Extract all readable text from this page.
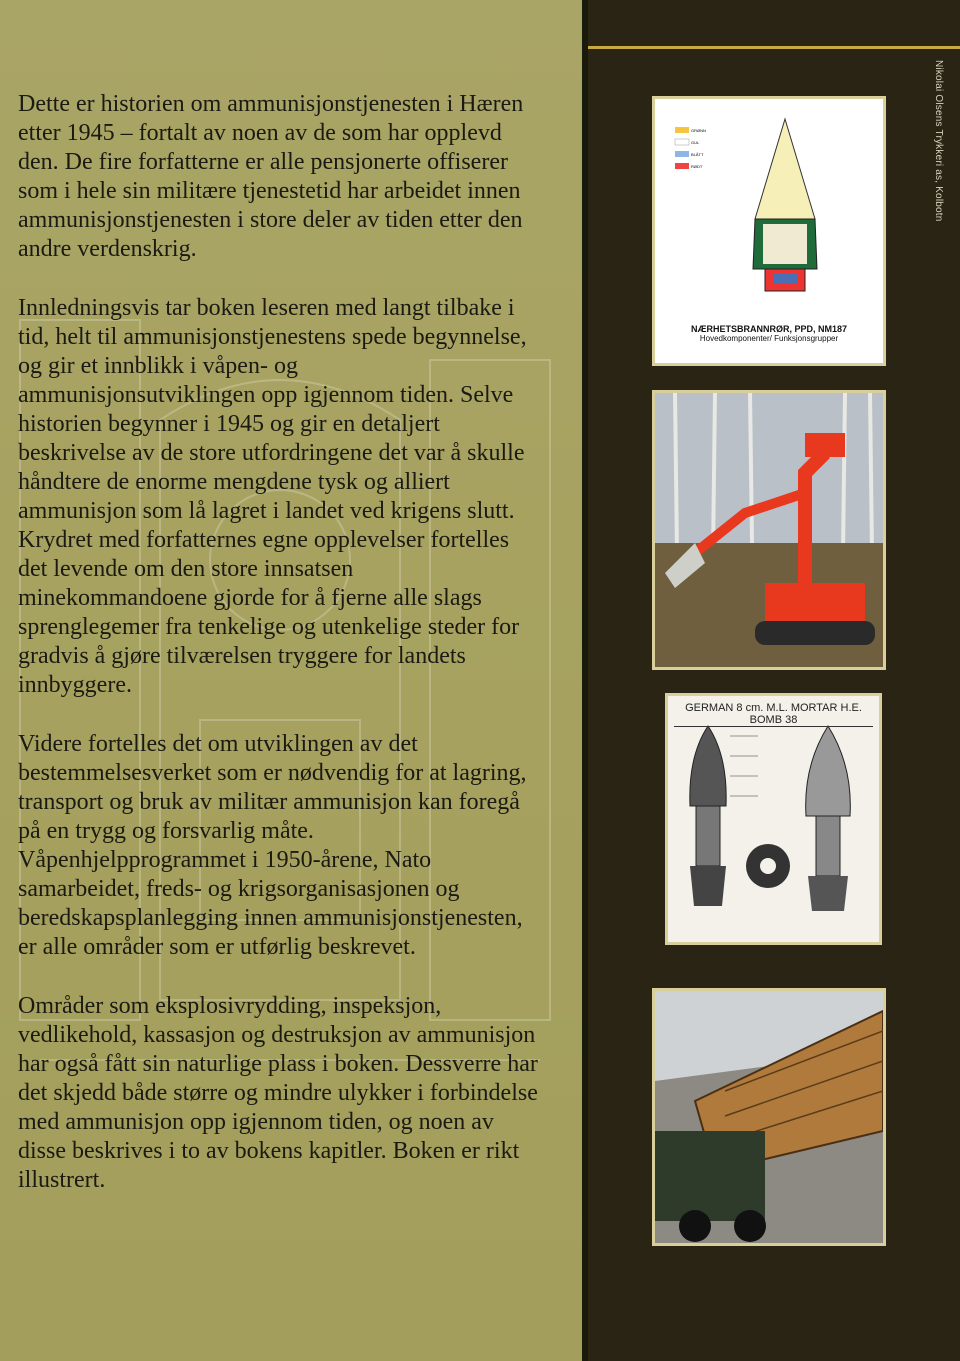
Dette er historien om ammunisjonstjenesten i Hæren etter 1945 – fortalt av noen av de som har opplevd den. De fire forfatterne er alle pensjonerte offiserer som i hele sin militære tjenestetid har arbeidet innen ammunisjonstjenesten i store deler av tiden etter den andre verdenskrig.

Innledningsvis tar boken leseren med langt tilbake i tid, helt til ammunisjonstjenestens spede begynnelse, og gir et innblikk i våpen- og ammunisjonsutviklingen opp igjennom tiden. Selve historien begynner i 1945 og gir en detaljert beskrivelse av de store utfordringene det var å skulle håndtere de enorme mengdene tysk og alliert ammunisjon som lå lagret i landet ved krigens slutt. Krydret med forfatternes egne opplevelser fortelles det levende om den store innsatsen minekommandoene gjorde for å fjerne alle slags sprenglegemer fra tenkelige og utenkelige steder for gradvis å gjøre tilværelsen tryggere for landets innbyggere.

Videre fortelles det om utviklingen av det bestemmelsesverket som er nødvendig for at lagring, transport og bruk av militær ammunisjon kan foregå på en trygg og forsvarlig måte. Våpenhjelpprogrammet i 1950-årene, Nato samarbeidet, freds- og krigsorganisasjonen og beredskapsplanlegging innen ammunisjonstjenesten, er alle områder som er utførlig beskrevet.

Områder som eksplosivrydding, inspeksjon, vedlikehold, kassasjon og destruksjon av ammunisjon har også fått sin naturlige plass i boken. Dessverre har det skjedd både større og mindre ulykker i forbindelse med ammunisjon opp igjennom tiden, og noen av disse beskrives i to av bokens kapitler. Boken er rikt illustrert.

Nikolai Olsens Trykkeri as, Kolbotn
GRØNN
GUL
BLÅTT
RØDT
NÆRHETSBRANNRØR, PPD, NM187
Hovedkomponenter/ Funksjonsgrupper
GERMAN 8 cm. M.L. MORTAR H.E. BOMB 38
